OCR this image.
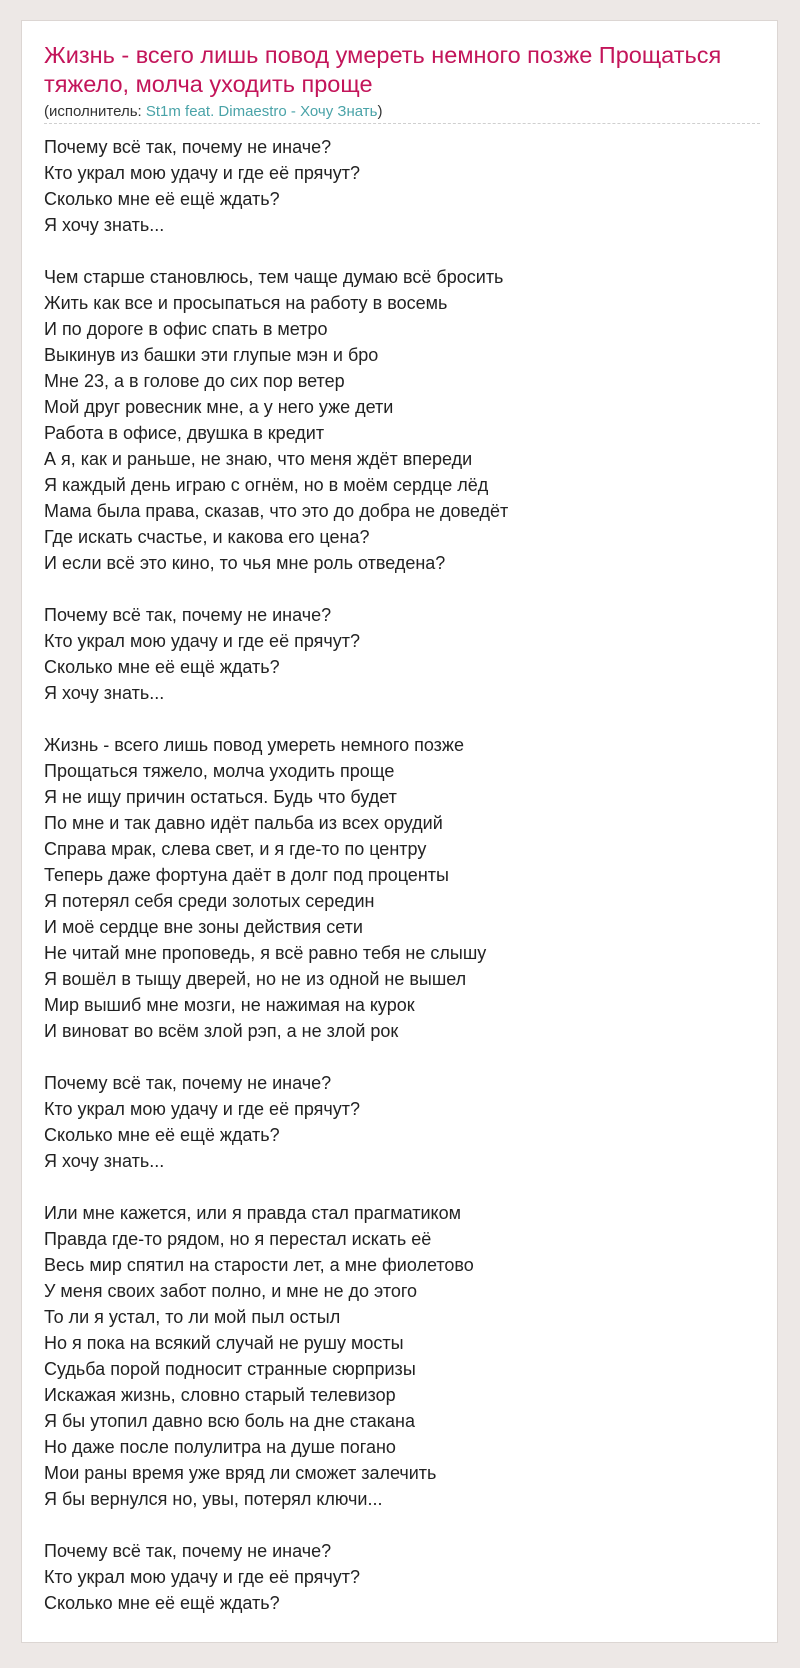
Жизнь - всего лишь повод умереть немного позже Прощаться тяжело, молча уходить проще
(исполнитель: St1m feat. Dimaestro - Хочу Знать)
Почему всё так, почему не иначе?
Кто украл мою удачу и где её прячут?
Сколько мне её ещё ждать?
Я хочу знать...
Чем старше становлюсь, тем чаще думаю всё бросить
Жить как все и просыпаться на работу в восемь
И по дороге в офис спать в метро
Выкинув из башки эти глупые мэн и бро
Мне 23, а в голове до сих пор ветер
Мой друг ровесник мне, а у него уже дети
Работа в офисе, двушка в кредит
А я, как и раньше, не знаю, что меня ждёт впереди
Я каждый день играю с огнём, но в моём сердце лёд
Мама была права, сказав, что это до добра не доведёт
Где искать счастье, и какова его цена?
И если всё это кино, то чья мне роль отведена?
Почему всё так, почему не иначе?
Кто украл мою удачу и где её прячут?
Сколько мне её ещё ждать?
Я хочу знать...
Жизнь - всего лишь повод умереть немного позже
Прощаться тяжело, молча уходить проще
Я не ищу причин остаться. Будь что будет
По мне и так давно идёт пальба из всех орудий
Справа мрак, слева свет, и я где-то по центру
Теперь даже фортуна даёт в долг под проценты
Я потерял себя среди золотых середин
И моё сердце вне зоны действия сети
Не читай мне проповедь, я всё равно тебя не слышу
Я вошёл в тыщу дверей, но не из одной не вышел
Мир вышиб мне мозги, не нажимая на курок
И виноват во всём злой рэп, а не злой рок
Почему всё так, почему не иначе?
Кто украл мою удачу и где её прячут?
Сколько мне её ещё ждать?
Я хочу знать...
Или мне кажется, или я правда стал прагматиком
Правда где-то рядом, но я перестал искать её
Весь мир спятил на старости лет, а мне фиолетово
У меня своих забот полно, и мне не до этого
То ли я устал, то ли мой пыл остыл
Но я пока на всякий случай не рушу мосты
Судьба порой подносит странные сюрпризы
Искажая жизнь, словно старый телевизор
Я бы утопил давно всю боль на дне стакана
Но даже после полулитра на душе погано
Мои раны время уже вряд ли сможет залечить
Я бы вернулся но, увы, потерял ключи...
Почему всё так, почему не иначе?
Кто украл мою удачу и где её прячут?
Сколько мне её ещё ждать?
